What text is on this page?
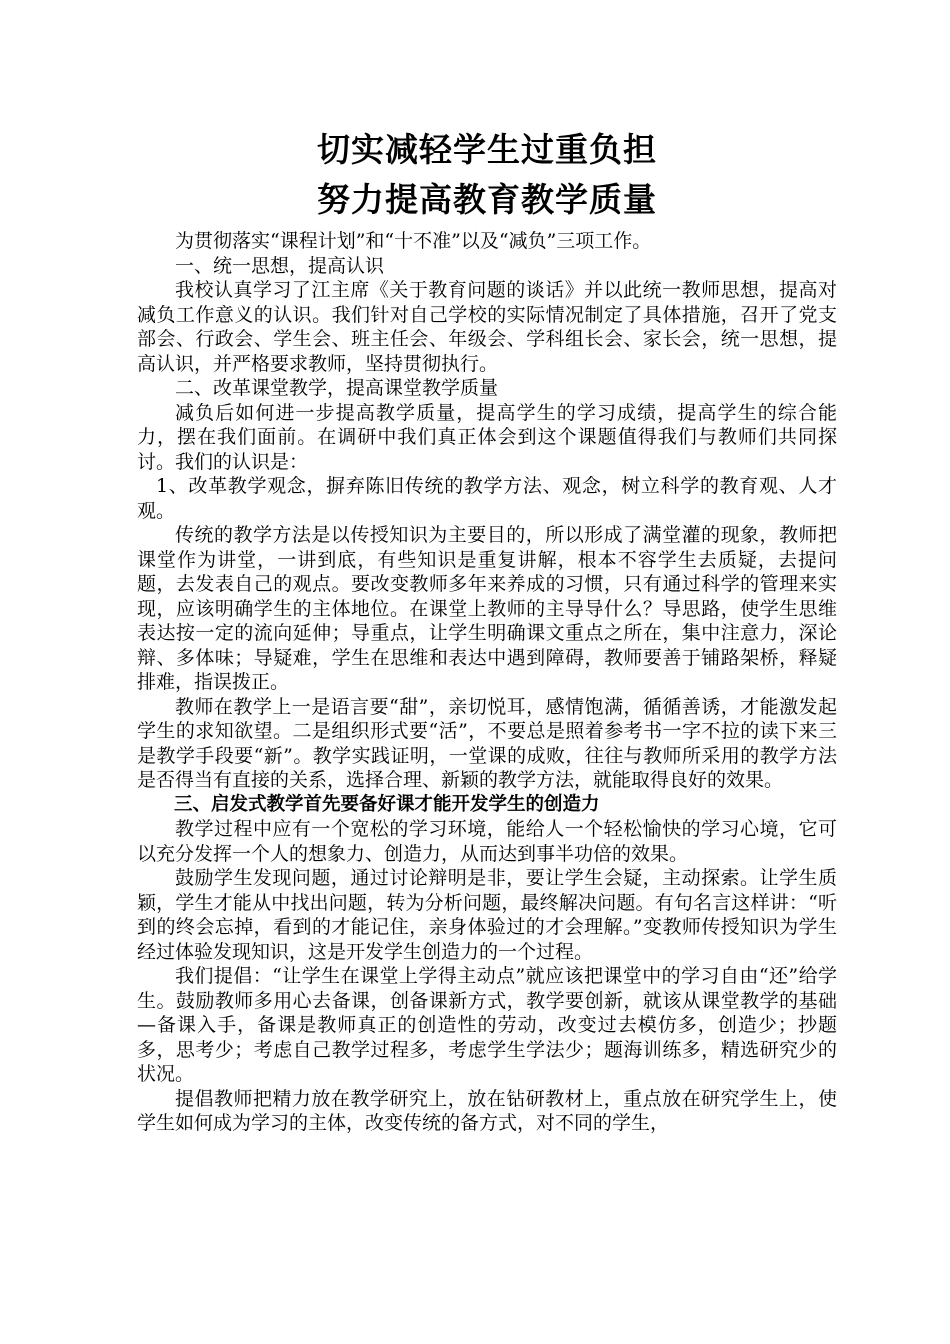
切实减轻学生过重负担
努力提高教育教学质量

为贯彻落实“课程计划”和“十不准”以及“减负”三项工作。

一、统一思想，提高认识

我校认真学习了江主席《关于教育问题的谈话》并以此统一教师思想，提高对减负工作意义的认识。我们针对自己学校的实际情况制定了具体措施，召开了党支部会、行政会、学生会、班主任会、年级会、学科组长会、家长会，统一思想，提高认识，并严格要求教师，坚持贯彻执行。

二、改革课堂教学，提高课堂教学质量

减负后如何进一步提高教学质量，提高学生的学习成绩，提高学生的综合能力，摆在我们面前。在调研中我们真正体会到这个课题值得我们与教师们共同探讨。我们的认识是：

1、改革教学观念，摒弃陈旧传统的教学方法、观念，树立科学的教育观、人才观。

传统的教学方法是以传授知识为主要目的，所以形成了满堂灌的现象，教师把课堂作为讲堂，一讲到底，有些知识是重复讲解，根本不容学生去质疑，去提问题，去发表自己的观点。要改变教师多年来养成的习惯，只有通过科学的管理来实现，应该明确学生的主体地位。在课堂上教师的主导导什么？导思路，使学生思维表达按一定的流向延伸；导重点，让学生明确课文重点之所在，集中注意力，深论辩、多体味；导疑难，学生在思维和表达中遇到障碍，教师要善于铺路架桥，释疑排难，指误拨正。

教师在教学上一是语言要“甜”，亲切悦耳，感情饱满，循循善诱，才能激发起学生的求知欲望。二是组织形式要“活”，不要总是照着参考书一字不拉的读下来三是教学手段要“新”。教学实践证明，一堂课的成败，往往与教师所采用的教学方法是否得当有直接的关系，选择合理、新颖的教学方法，就能取得良好的效果。

三、启发式教学首先要备好课才能开发学生的创造力

教学过程中应有一个宽松的学习环境，能给人一个轻松愉快的学习心境，它可以充分发挥一个人的想象力、创造力，从而达到事半功倍的效果。

鼓励学生发现问题，通过讨论辩明是非，要让学生会疑，主动探索。让学生质颖，学生才能从中找出问题，转为分析问题，最终解决问题。有句名言这样讲：“听到的终会忘掉，看到的才能记住，亲身体验过的才会理解。”变教师传授知识为学生经过体验发现知识，这是开发学生创造力的一个过程。

我们提倡：“让学生在课堂上学得主动点”就应该把课堂中的学习自由“还”给学生。鼓励教师多用心去备课，创备课新方式，教学要创新，就该从课堂教学的基础—备课入手，备课是教师真正的创造性的劳动，改变过去模仿多，创造少；抄题多，思考少；考虑自己教学过程多，考虑学生学法少；题海训练多，精选研究少的状况。

提倡教师把精力放在教学研究上，放在钻研教材上，重点放在研究学生上，使学生如何成为学习的主体，改变传统的备方式，对不同的学生，
